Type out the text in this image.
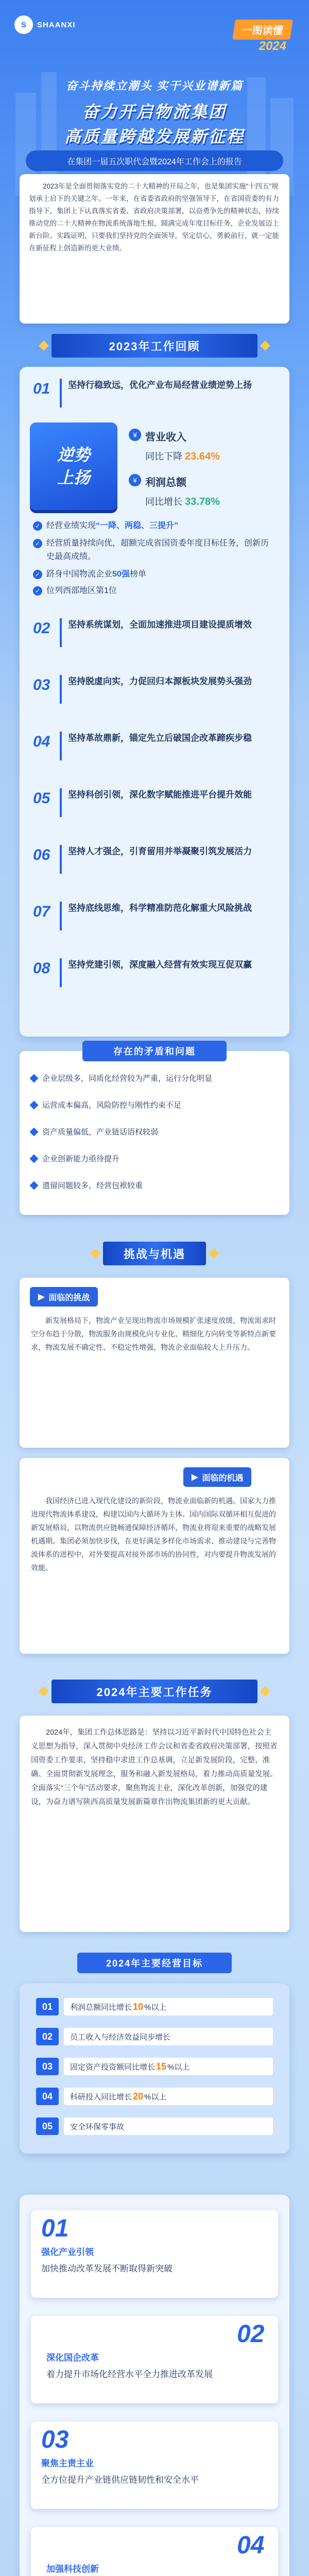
S	SHAANXI
一图读懂
2024
奋斗持续立潮头 实干兴业谱新篇
奋力开启物流集团
高质量跨越发展新征程
在集团一届五次职代会暨2024年工作会上的报告
2023年是全面贯彻落实党的二十大精神的开局之年，也是集团实施“十四五”规划承上启下的关键之年。一年来，在省委省政府的坚强领导下，在省国资委的有力指导下，集团上下认真落实省委、省政府决策部署，以奋勇争先的精神状态，持续推动党的二十大精神在物流系统落地生根，圆满完成年度目标任务，企业发展迈上新台阶。实践证明，只要我们坚持党的全面领导，坚定信心，勇毅前行，就一定能在新征程上创造新的更大业绩。
2023年工作回顾
01 坚持行稳致远，优化产业布局经营业绩逆势上扬
逆势
上扬
¥ 营业收入
同比下降 23.64%
¥ 利润总额
同比增长 33.78%
✓ 经营业绩实现“一降、两稳、三提升”
✓ 经营质量持续向优，超额完成省国资委年度目标任务，创新历史最高成绩。
✓ 跻身中国物流企业50强榜单
✓ 位列西部地区第1位
存在的矛盾和问题
挑战与机遇
▶ 面临的挑战
新发展格局下，物流产业呈现出物流市场规模扩张速度放缓，物流需求时空分布趋于分散，物流服务由规模化向专业化、精细化方向转变等新特点新要求，物流发展不确定性、不稳定性增强，物流企业面临较大上升压力。
▶ 面临的机遇
我国经济已进入现代化建设的新阶段，物流业面临新的机遇。国家大力推进现代物流体系建设，构建以国内大循环为主体、国内国际双循环相互促进的新发展格局，以物流供应链畅通保障经济循环，物流业将迎来重要的战略发展机遇期。集团必须加快步伐，在更好满足多样化市场需求、推动建设与完善物流体系的进程中，对外要提高对接外部市场的协同性，对内要提升物流发展的效能。
2024年主要工作任务
2024年，集团工作总体思路是：坚持以习近平新时代中国特色社会主义思想为指导，深入贯彻中央经济工作会议和省委省政府决策部署，按照省国资委工作要求，坚持稳中求进工作总基调，立足新发展阶段，完整、准确、全面贯彻新发展理念，服务和融入新发展格局，着力推动高质量发展。全面落实“三个年”活动要求，聚焦物流主业，深化改革创新，加强党的建设，为奋力谱写陕西高质量发展新篇章作出物流集团新的更大贡献。
2024年主要经营目标
02 坚持系统谋划，全面加速推进项目建设提质增效
03 坚持脱虚向实，力促回归本源板块发展势头强劲
04 坚持革故鼎新，锚定先立后破国企改革蹄疾步稳
05 坚持科创引领，深化数字赋能推进平台提升效能
06 坚持人才强企，引育留用并举凝聚引筑发展活力
07 坚持底线思维，科学精准防范化解重大风险挑战
08 坚持党建引领，深度融入经营有效实现互促双赢
企业层级多，同质化经营较为严重，运行分化明显
运营成本偏高，风险防控与刚性约束不足
资产质量偏低，产业链话语权较弱
企业创新能力亟待提升
遗留问题较多，经营包袱较重
01	利润总额同比增长 10 %以上
02	员工收入与经济效益同步增长
03	固定资产投资额同比增长 15 %以上
04	科研投入同比增长 20 %以上
05	安全环保零事故
01
强化产业引领
加快推动改革发展不断取得新突破
02
深化国企改革
着力提升市场化经营水平全力推进改革发展
03
聚焦主责主业
全方位提升产业链供应链韧性和安全水平
04
加强科技创新
